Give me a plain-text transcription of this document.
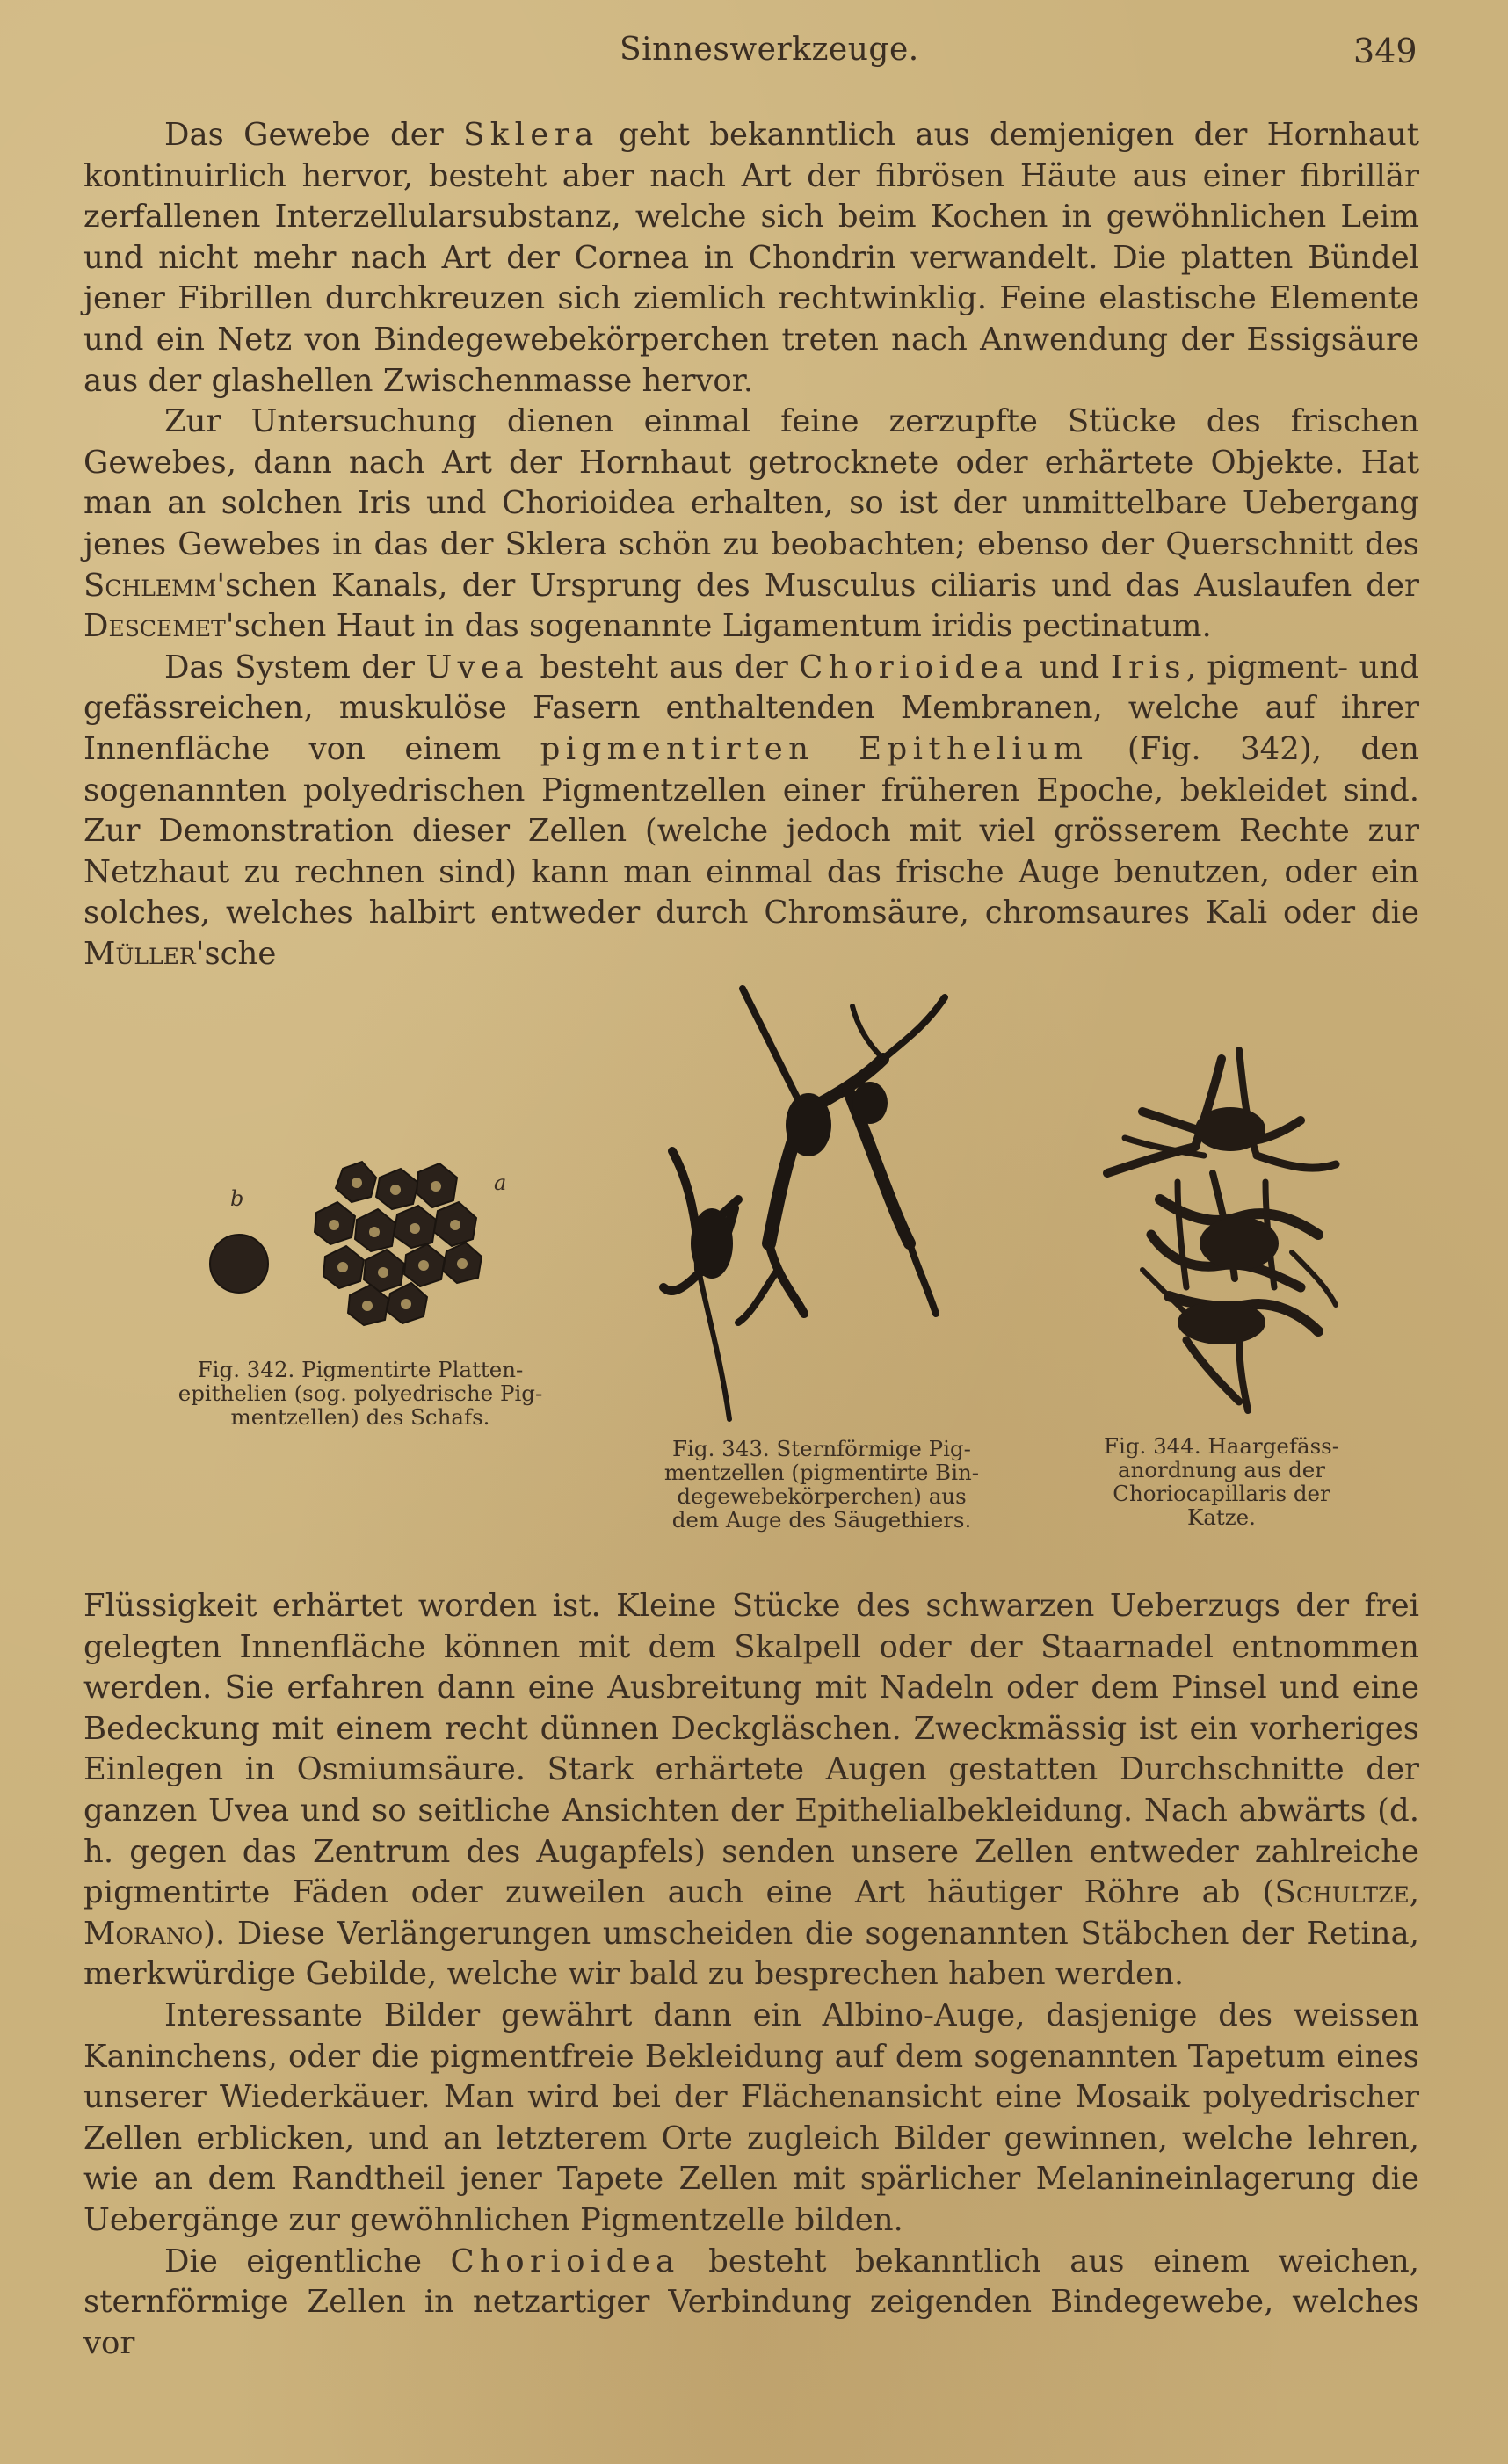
Sinneswerkzeuge.	349

Das Gewebe der Sklera geht bekanntlich aus demjenigen der Hornhaut kontinuirlich hervor, besteht aber nach Art der fibrösen Häute aus einer fibrillär zerfallenen Interzellularsubstanz, welche sich beim Kochen in gewöhnlichen Leim und nicht mehr nach Art der Cornea in Chondrin verwandelt. Die platten Bündel jener Fibrillen durchkreuzen sich ziemlich rechtwinklig. Feine elastische Elemente und ein Netz von Bindegewebekörperchen treten nach Anwendung der Essigsäure aus der glashellen Zwischenmasse hervor.

Zur Untersuchung dienen einmal feine zerzupfte Stücke des frischen Gewebes, dann nach Art der Hornhaut getrocknete oder erhärtete Objekte. Hat man an solchen Iris und Chorioidea erhalten, so ist der unmittelbare Uebergang jenes Gewebes in das der Sklera schön zu beobachten; ebenso der Querschnitt des Schlemm'schen Kanals, der Ursprung des Musculus ciliaris und das Auslaufen der Descemet'schen Haut in das sogenannte Ligamentum iridis pectinatum.

Das System der Uvea besteht aus der Chorioidea und Iris, pigment- und gefässreichen, muskulöse Fasern enthaltenden Membranen, welche auf ihrer Innenfläche von einem pigmentirten Epithelium (Fig. 342), den sogenannten polyedrischen Pigmentzellen einer früheren Epoche, bekleidet sind. Zur Demonstration dieser Zellen (welche jedoch mit viel grösserem Rechte zur Netzhaut zu rechnen sind) kann man einmal das frische Auge benutzen, oder ein solches, welches halbirt entweder durch Chromsäure, chromsaures Kali oder die Müller'sche

b
a
Fig. 342. Pigmentirte Platten-
epithelien (sog. polyedrische Pig-
mentzellen) des Schafs.
Fig. 343. Sternförmige Pig-
mentzellen (pigmentirte Bin-
degewebekörperchen) aus
dem Auge des Säugethiers.
Fig. 344. Haargefäss-
anordnung aus der
Choriocapillaris der
Katze.

Flüssigkeit erhärtet worden ist. Kleine Stücke des schwarzen Ueberzugs der frei gelegten Innenfläche können mit dem Skalpell oder der Staarnadel entnommen werden. Sie erfahren dann eine Ausbreitung mit Nadeln oder dem Pinsel und eine Bedeckung mit einem recht dünnen Deckgläschen. Zweckmässig ist ein vorheriges Einlegen in Osmiumsäure. Stark erhärtete Augen gestatten Durchschnitte der ganzen Uvea und so seitliche Ansichten der Epithelialbekleidung. Nach abwärts (d. h. gegen das Zentrum des Augapfels) senden unsere Zellen entweder zahlreiche pigmentirte Fäden oder zuweilen auch eine Art häutiger Röhre ab (Schultze, Morano). Diese Verlängerungen umscheiden die sogenannten Stäbchen der Retina, merkwürdige Gebilde, welche wir bald zu besprechen haben werden.

Interessante Bilder gewährt dann ein Albino-Auge, dasjenige des weissen Kaninchens, oder die pigmentfreie Bekleidung auf dem sogenannten Tapetum eines unserer Wiederkäuer. Man wird bei der Flächenansicht eine Mosaik polyedrischer Zellen erblicken, und an letzterem Orte zugleich Bilder gewinnen, welche lehren, wie an dem Randtheil jener Tapete Zellen mit spärlicher Melanineinlagerung die Uebergänge zur gewöhnlichen Pigmentzelle bilden.

Die eigentliche Chorioidea besteht bekanntlich aus einem weichen, sternförmige Zellen in netzartiger Verbindung zeigenden Bindegewebe, welches vor
